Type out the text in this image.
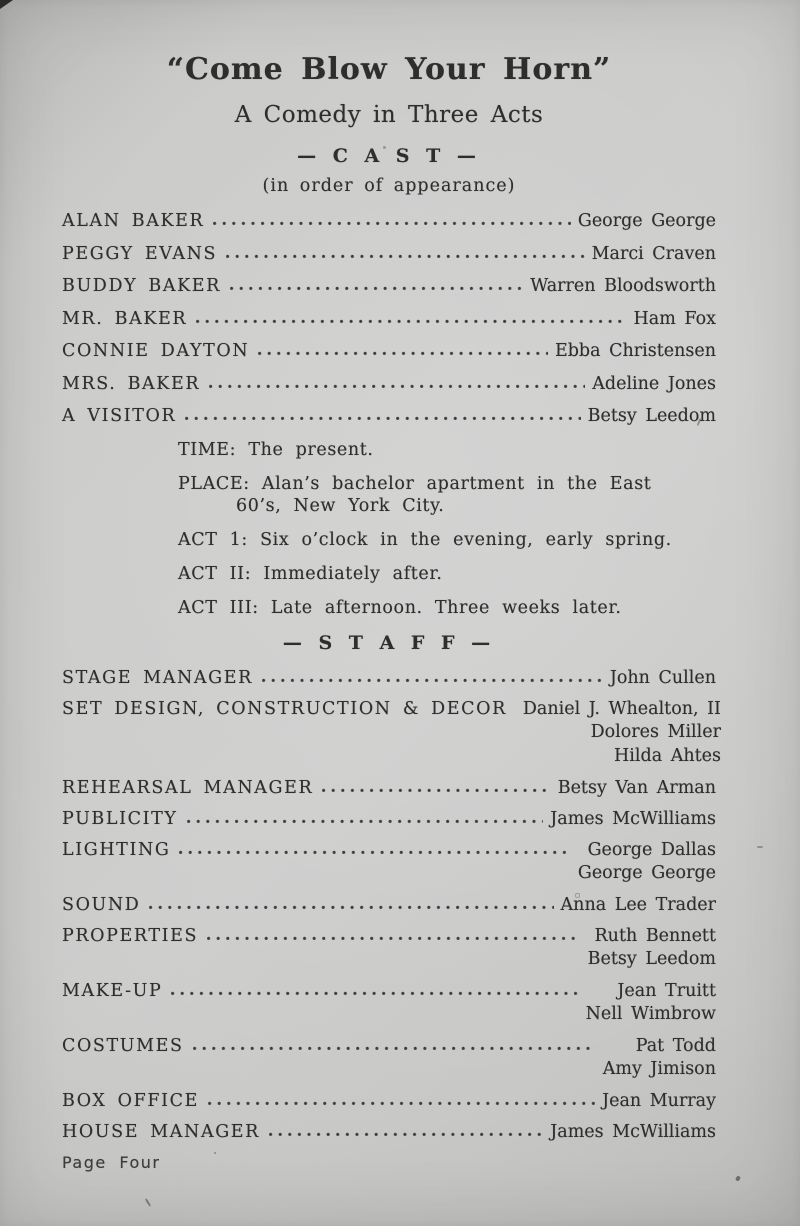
“Come Blow Your Horn”
A Comedy in Three Acts
— C A S T —
(in order of appearance)
ALAN BAKER	George George
PEGGY EVANS	Marci Craven
BUDDY BAKER	Warren Bloodsworth
MR. BAKER	Ham Fox
CONNIE DAYTON	Ebba Christensen
MRS. BAKER	Adeline Jones
A VISITOR	Betsy Leedom
TIME: The present.
PLACE: Alan’s bachelor apartment in the East
60’s, New York City.
ACT 1: Six o’clock in the evening, early spring.
ACT II: Immediately after.
ACT III: Late afternoon. Three weeks later.
— S T A F F —
STAGE MANAGER	John Cullen
SET DESIGN, CONSTRUCTION & DECOR Daniel J. Whealton, II
Dolores Miller
Hilda Ahtes
REHEARSAL MANAGER	Betsy Van Arman
PUBLICITY	James McWilliams
LIGHTING	George Dallas
George George
SOUND	Anna Lee Trader
PROPERTIES	Ruth Bennett
Betsy Leedom
MAKE-UP	Jean Truitt
Nell Wimbrow
COSTUMES	Pat Todd
Amy Jimison
BOX OFFICE	Jean Murray
HOUSE MANAGER	James McWilliams
Page Four
